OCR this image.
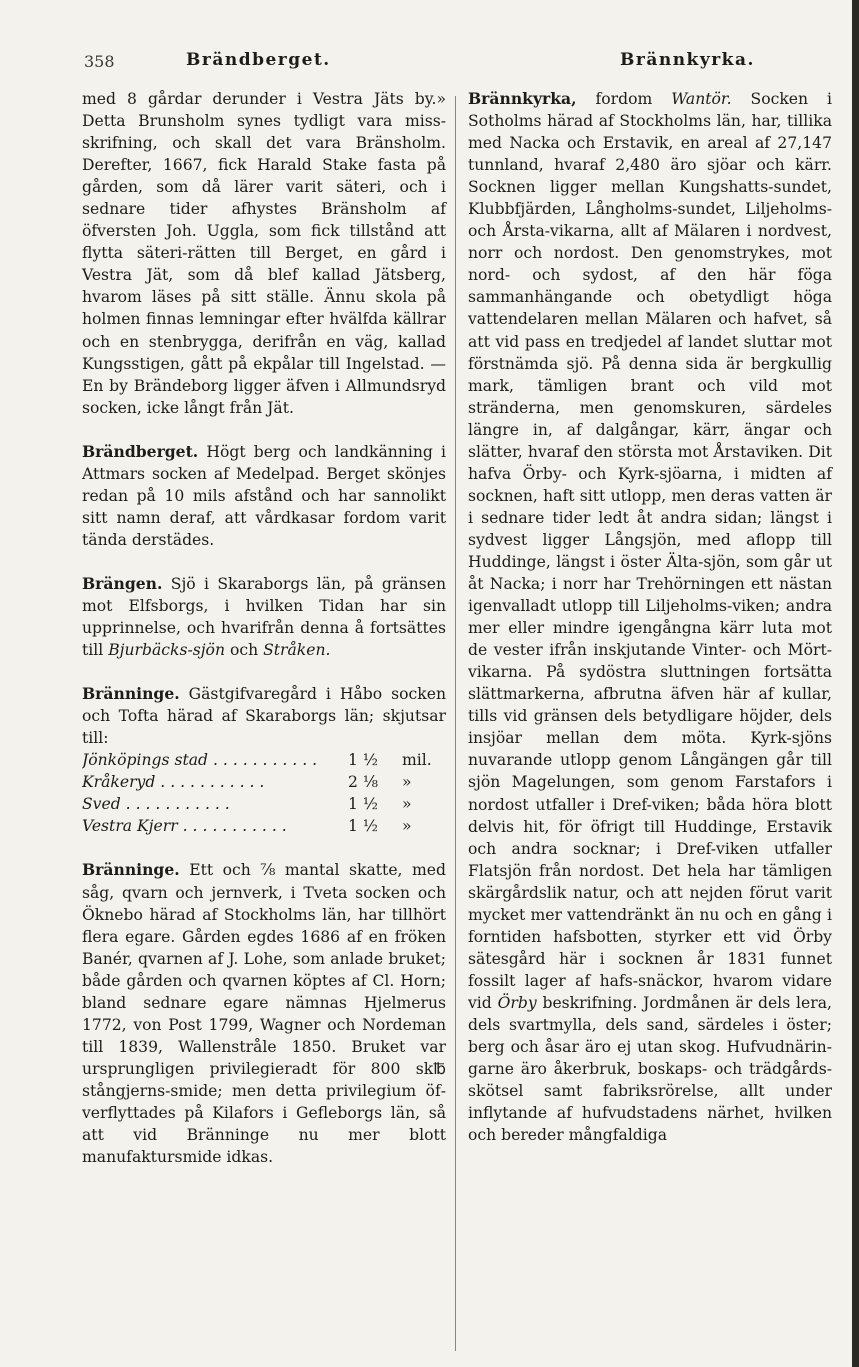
358	Brändberget.	Brännkyrka.

med 8 gårdar derunder i Vestra Jäts by.» Detta Brunsholm synes tydligt vara miss-skrifning, och skall det vara Bränsholm. Derefter, 1667, fick Harald Stake fasta på gården, som då lärer varit säteri, och i sednare tider afhystes Bränsholm af öfversten Joh. Uggla, som fick tillstånd att flytta säteri-rätten till Berget, en gård i Vestra Jät, som då blef kallad Jätsberg, hvarom läses på sitt ställe. Ännu skola på holmen finnas lemningar efter hvälfda källrar och en stenbrygga, derifrån en väg, kallad Kungsstigen, gått på ekpålar till Ingelstad. — En by Brändeborg ligger äfven i Allmundsryd socken, icke långt från Jät.

Brändberget. Högt berg och landkänning i Attmars socken af Medelpad. Berget skönjes redan på 10 mils afstånd och har sannolikt sitt namn deraf, att vårdkasar fordom varit tända derstädes.

Brängen. Sjö i Skaraborgs län, på gränsen mot Elfsborgs, i hvilken Tidan har sin upprinnelse, och hvarifrån denna å fortsättes till Bjurbäcks-sjön och Stråken.

Bränninge. Gästgifvaregård i Håbo socken och Tofta härad af Skaraborgs län; skjutsar till:

Jönköpings stad . . .	1 ½	mil.
Kråkeryd . . .	2 ⅛	»
Sved . . .	1 ½	»
Vestra Kjerr . . .	1 ½	»

Bränninge. Ett och ⅞ mantal skatte, med såg, qvarn och jernverk, i Tveta socken och Öknebo härad af Stockholms län, har tillhört flera egare. Gården egdes 1686 af en fröken Banér, qvarnen af J. Lohe, som anlade bruket; både gården och qvarnen köptes af Cl. Horn; bland sednare egare nämnas Hjelmerus 1772, von Post 1799, Wagner och Nordeman till 1839, Wallenstråle 1850. Bruket var ursprungligen privilegieradt för 800 sk℔ stångjerns-smide; men detta privilegium öfverflyttades på Kilafors i Gefleborgs län, så att vid Bränninge nu mer blott manufaktursmide idkas.

Brännkyrka, fordom Wantör. Socken i Sotholms härad af Stockholms län, har, tillika med Nacka och Erstavik, en areal af 27,147 tunnland, hvaraf 2,480 äro sjöar och kärr. Socknen ligger mellan Kungshatts-sundet, Klubbfjärden, Långholms-sundet, Liljeholms- och Årsta-vikarna, allt af Mälaren i nordvest, norr och nordost. Den genomstrykes, mot nord- och sydost, af den här föga sammanhängande och obetydligt höga vattendelaren mellan Mälaren och hafvet, så att vid pass en tredjedel af landet sluttar mot förstnämda sjö. På denna sida är bergkullig mark, tämligen brant och vild mot stränderna, men genomskuren, särdeles längre in, af dalgångar, kärr, ängar och slätter, hvaraf den största mot Årstaviken. Dit hafva Örby- och Kyrk-sjöarna, i midten af socknen, haft sitt utlopp, men deras vatten är i sednare tider ledt åt andra sidan; längst i sydvest ligger Långsjön, med aflopp till Huddinge, längst i öster Älta-sjön, som går ut åt Nacka; i norr har Trehörningen ett nästan igenvalladt utlopp till Liljeholms-viken; andra mer eller mindre igengångna kärr luta mot de vester ifrån inskjutande Vinter- och Mört-vikarna. På sydöstra sluttningen fortsätta slättmarkerna, afbrutna äfven här af kullar, tills vid gränsen dels betydligare höjder, dels insjöar mellan dem möta. Kyrk-sjöns nuvarande utlopp genom Långängen går till sjön Magelungen, som genom Farstafors i nordost utfaller i Dref-viken; båda höra blott delvis hit, för öfrigt till Huddinge, Erstavik och andra socknar; i Dref-viken utfaller Flatsjön från nordost. Det hela har tämligen skärgårdslik natur, och att nejden förut varit mycket mer vattendränkt än nu och en gång i forntiden hafsbotten, styrker ett vid Örby sätesgård här i socknen år 1831 funnet fossilt lager af hafs-snäckor, hvarom vidare vid Örby beskrifning. Jordmånen är dels lera, dels svartmylla, dels sand, särdeles i öster; berg och åsar äro ej utan skog. Hufvudnäringarne äro åkerbruk, boskaps- och trädgårds-skötsel samt fabriksrörelse, allt under inflytande af hufvudstadens närhet, hvilken och bereder mångfaldiga
